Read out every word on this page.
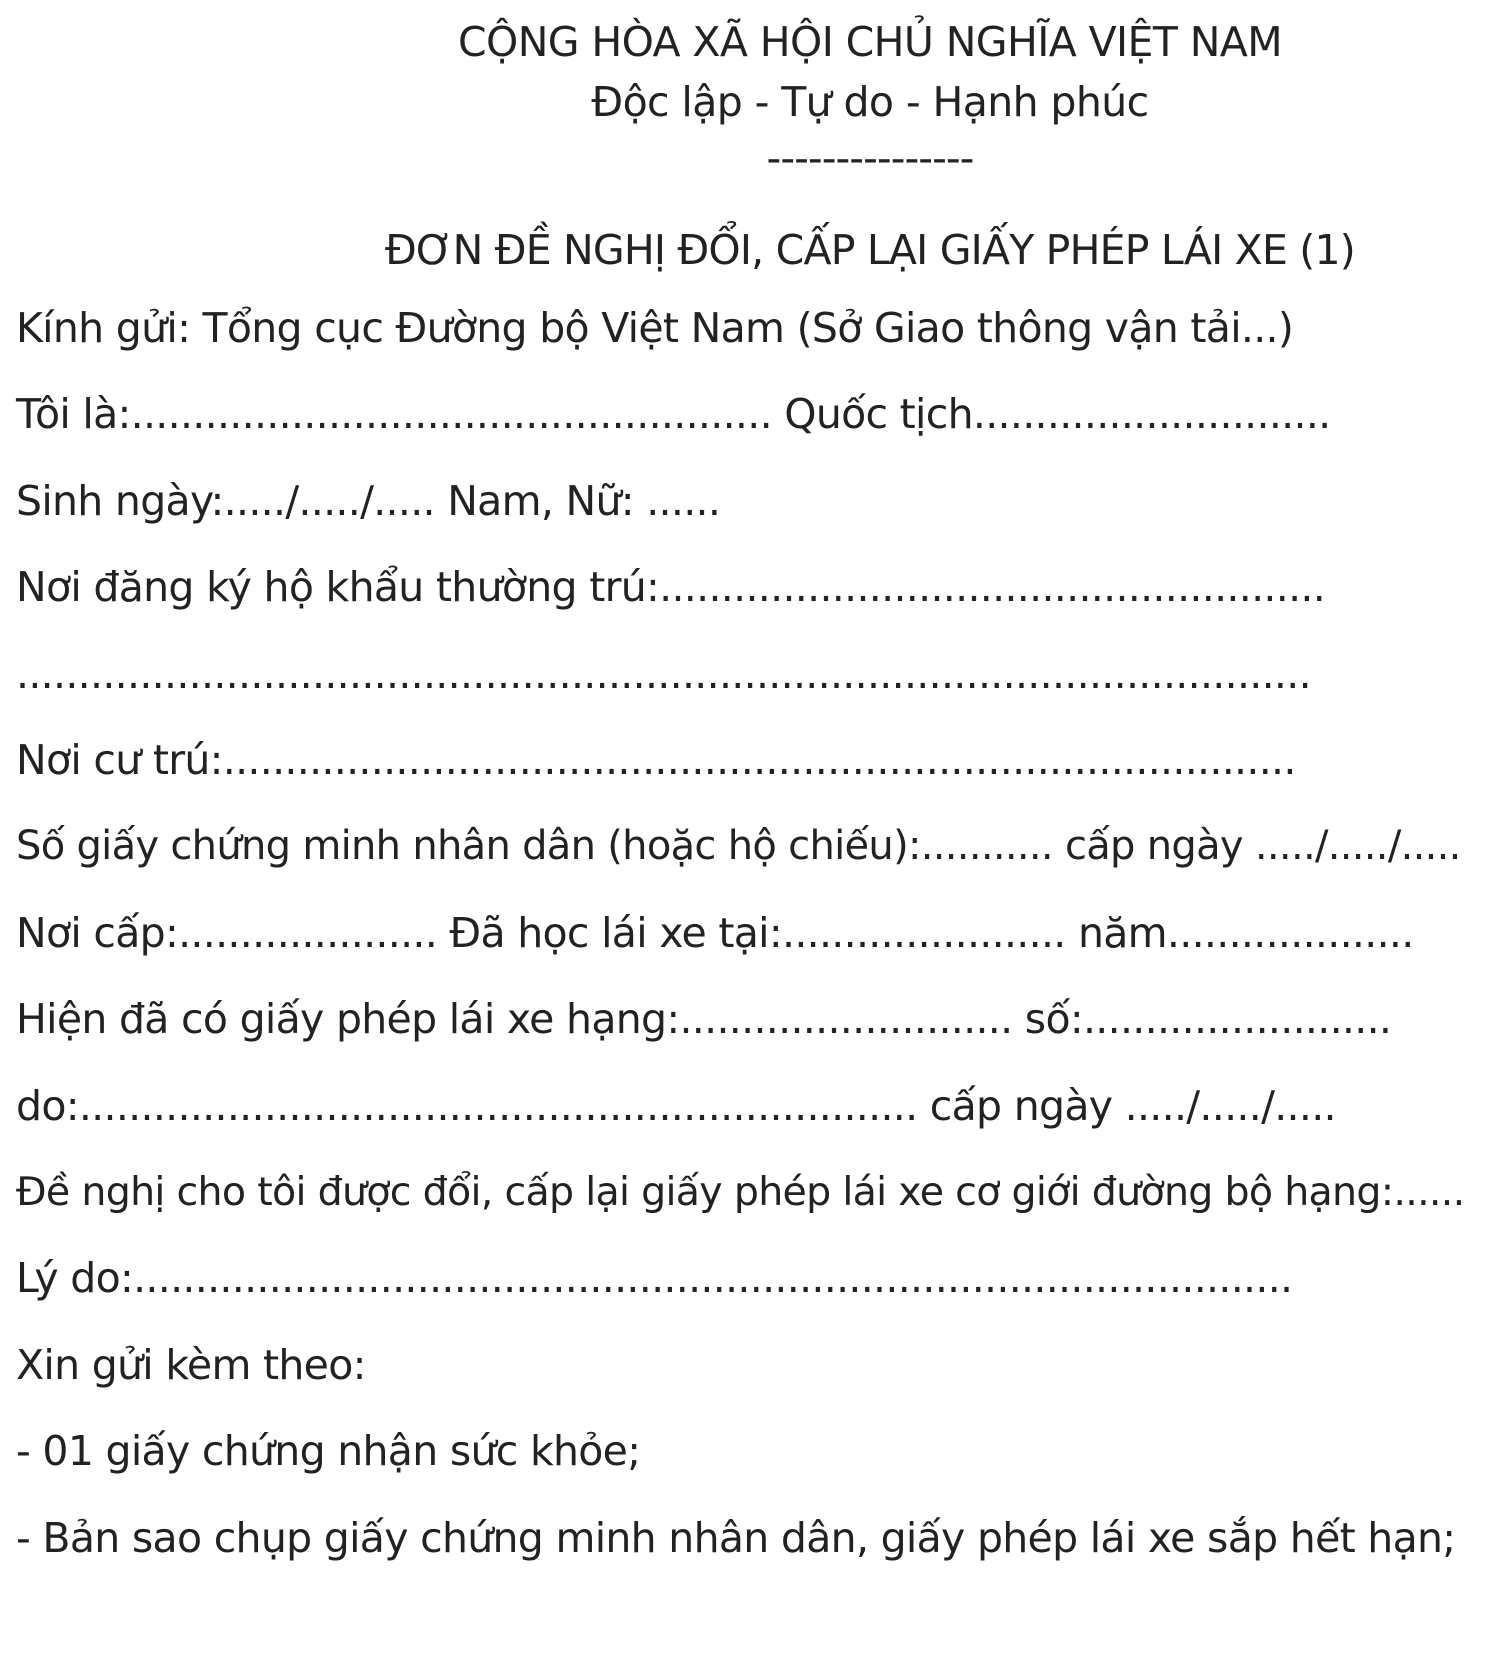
CỘNG HÒA XÃ HỘI CHỦ NGHĨA VIỆT NAM
Độc lập - Tự do - Hạnh phúc
---------------
ĐƠN ĐỀ NGHỊ ĐỔI, CẤP LẠI GIẤY PHÉP LÁI XE (1)
Kính gửi: Tổng cục Đường bộ Việt Nam (Sở Giao thông vận tải...)
Tôi là:.................................................... Quốc tịch.............................
Sinh ngày:...../...../..... Nam, Nữ: ......
Nơi đăng ký hộ khẩu thường trú:......................................................
.........................................................................................................
Nơi cư trú:.......................................................................................
Số giấy chứng minh nhân dân (hoặc hộ chiếu):........... cấp ngày ...../...../.....
Nơi cấp:..................... Đã học lái xe tại:....................... năm....................
Hiện đã có giấy phép lái xe hạng:........................... số:.........................
do:.................................................................... cấp ngày ...../...../.....
Đề nghị cho tôi được đổi, cấp lại giấy phép lái xe cơ giới đường bộ hạng:......
Lý do:..............................................................................................
Xin gửi kèm theo:
- 01 giấy chứng nhận sức khỏe;
- Bản sao chụp giấy chứng minh nhân dân, giấy phép lái xe sắp hết hạn;
